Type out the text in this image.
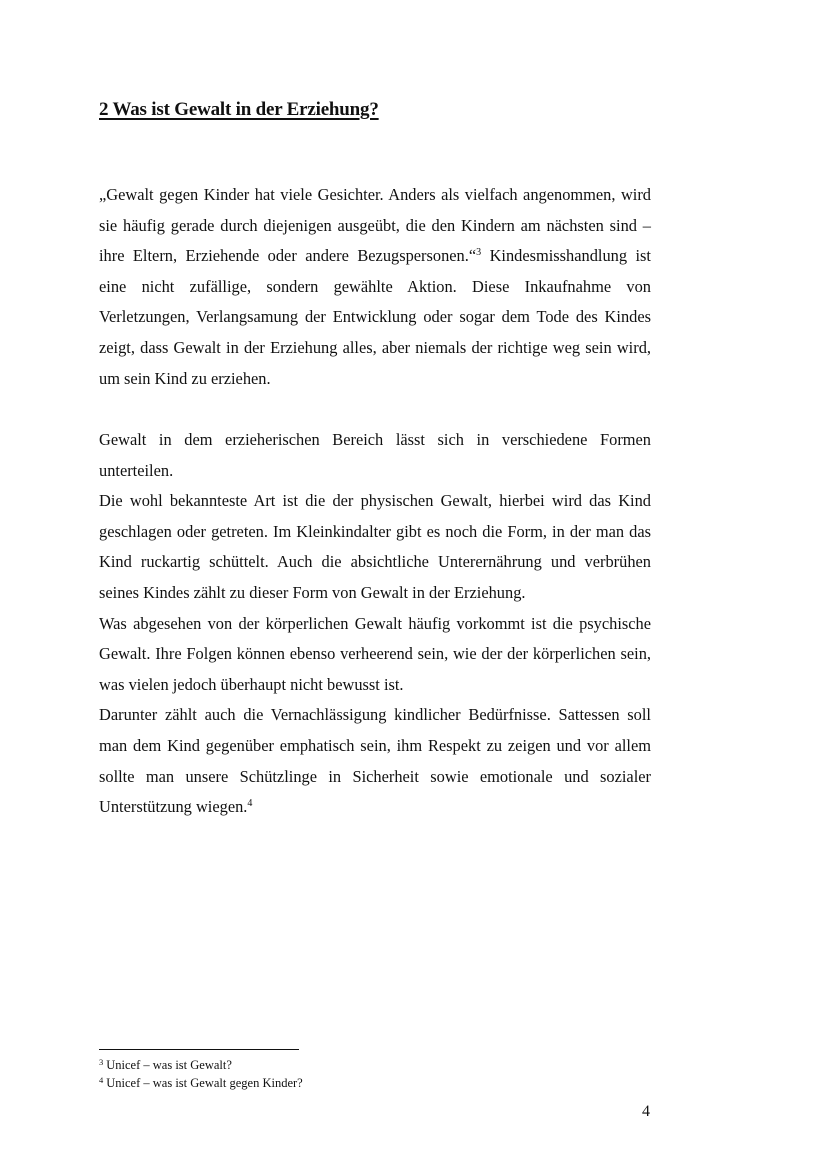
2 Was ist Gewalt in der Erziehung?

„Gewalt gegen Kinder hat viele Gesichter. Anders als vielfach angenommen, wird sie häufig gerade durch diejenigen ausgeübt, die den Kindern am nächsten sind – ihre Eltern, Erziehende oder andere Bezugspersonen.“$^3$ Kindesmisshandlung ist eine nicht zufällige, sondern gewählte Aktion. Diese Inkaufnahme von Verletzungen, Verlangsamung der Entwicklung oder sogar dem Tode des Kindes zeigt, dass Gewalt in der Erziehung alles, aber niemals der richtige weg sein wird, um sein Kind zu erziehen.

Gewalt in dem erzieherischen Bereich lässt sich in verschiedene Formen unterteilen.

Die wohl bekannteste Art ist die der physischen Gewalt, hierbei wird das Kind geschlagen oder getreten. Im Kleinkindalter gibt es noch die Form, in der man das Kind ruckartig schüttelt. Auch die absichtliche Unterernährung und verbrühen seines Kindes zählt zu dieser Form von Gewalt in der Erziehung.

Was abgesehen von der körperlichen Gewalt häufig vorkommt ist die psychische Gewalt. Ihre Folgen können ebenso verheerend sein, wie der der körperlichen sein, was vielen jedoch überhaupt nicht bewusst ist.

Darunter zählt auch die Vernachlässigung kindlicher Bedürfnisse. Sattessen soll man dem Kind gegenüber emphatisch sein, ihm Respekt zu zeigen und vor allem sollte man unsere Schützlinge in Sicherheit sowie emotionale und sozialer Unterstützung wiegen.$^4$

$^3$ Unicef – was ist Gewalt?
$^4$ Unicef – was ist Gewalt gegen Kinder?
4
